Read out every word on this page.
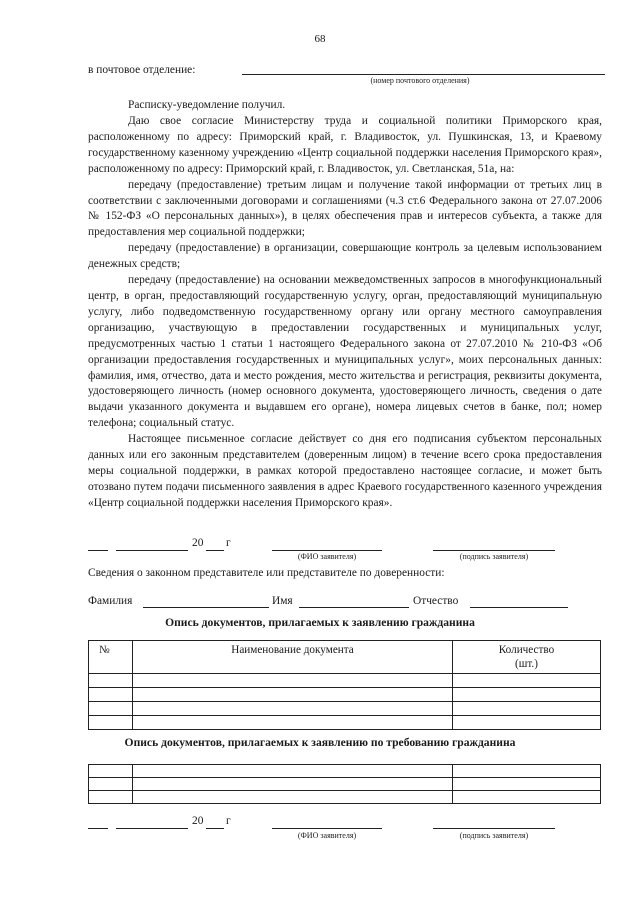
68
в почтовое отделение:
(номер почтового отделения)
Расписку-уведомление получил.

Даю свое согласие Министерству труда и социальной политики Приморского края, расположенному по адресу: Приморский край, г. Владивосток, ул. Пушкинская, 13, и Краевому государственному казенному учреждению «Центр социальной поддержки населения Приморского края», расположенному по адресу: Приморский край, г. Владивосток, ул. Светланская, 51а, на:

передачу (предоставление) третьим лицам и получение такой информации от третьих лиц в соответствии с заключенными договорами и соглашениями (ч.3 ст.6 Федерального закона от 27.07.2006 № 152-ФЗ «О персональных данных»), в целях обеспечения прав и интересов субъекта, а также для предоставления мер социальной поддержки;

передачу (предоставление) в организации, совершающие контроль за целевым использованием денежных средств;

передачу (предоставление) на основании межведомственных запросов в многофункциональный центр, в орган, предоставляющий государственную услугу, орган, предоставляющий муниципальную услугу, либо подведомственную государственному органу или органу местного самоуправления организацию, участвующую в предоставлении государственных и муниципальных услуг, предусмотренных частью 1 статьи 1 настоящего Федерального закона от 27.07.2010 № 210-ФЗ «Об организации предоставления государственных и муниципальных услуг», моих персональных данных: фамилия, имя, отчество, дата и место рождения, место жительства и регистрация, реквизиты документа, удостоверяющего личность (номер основного документа, удостоверяющего личность, сведения о дате выдачи указанного документа и выдавшем его органе), номера лицевых счетов в банке, пол; номер телефона; социальный статус.

Настоящее письменное согласие действует со дня его подписания субъектом персональных данных или его законным представителем (доверенным лицом) в течение всего срока предоставления меры социальной поддержки, в рамках которой предоставлено настоящее согласие, и может быть отозвано путем подачи письменного заявления в адрес Краевого государственного казенного учреждения «Центр социальной поддержки населения Приморского края».

20 г
(ФИО заявителя)	(подпись заявителя)
Сведения о законном представителе или представителе по доверенности:
Фамилия	Имя	Отчество
Опись документов, прилагаемых к заявлению гражданина
№	Наименование документа	Количество
(шт.)

Опись документов, прилагаемых к заявлению по требованию гражданина

20 г
(ФИО заявителя)	(подпись заявителя)
